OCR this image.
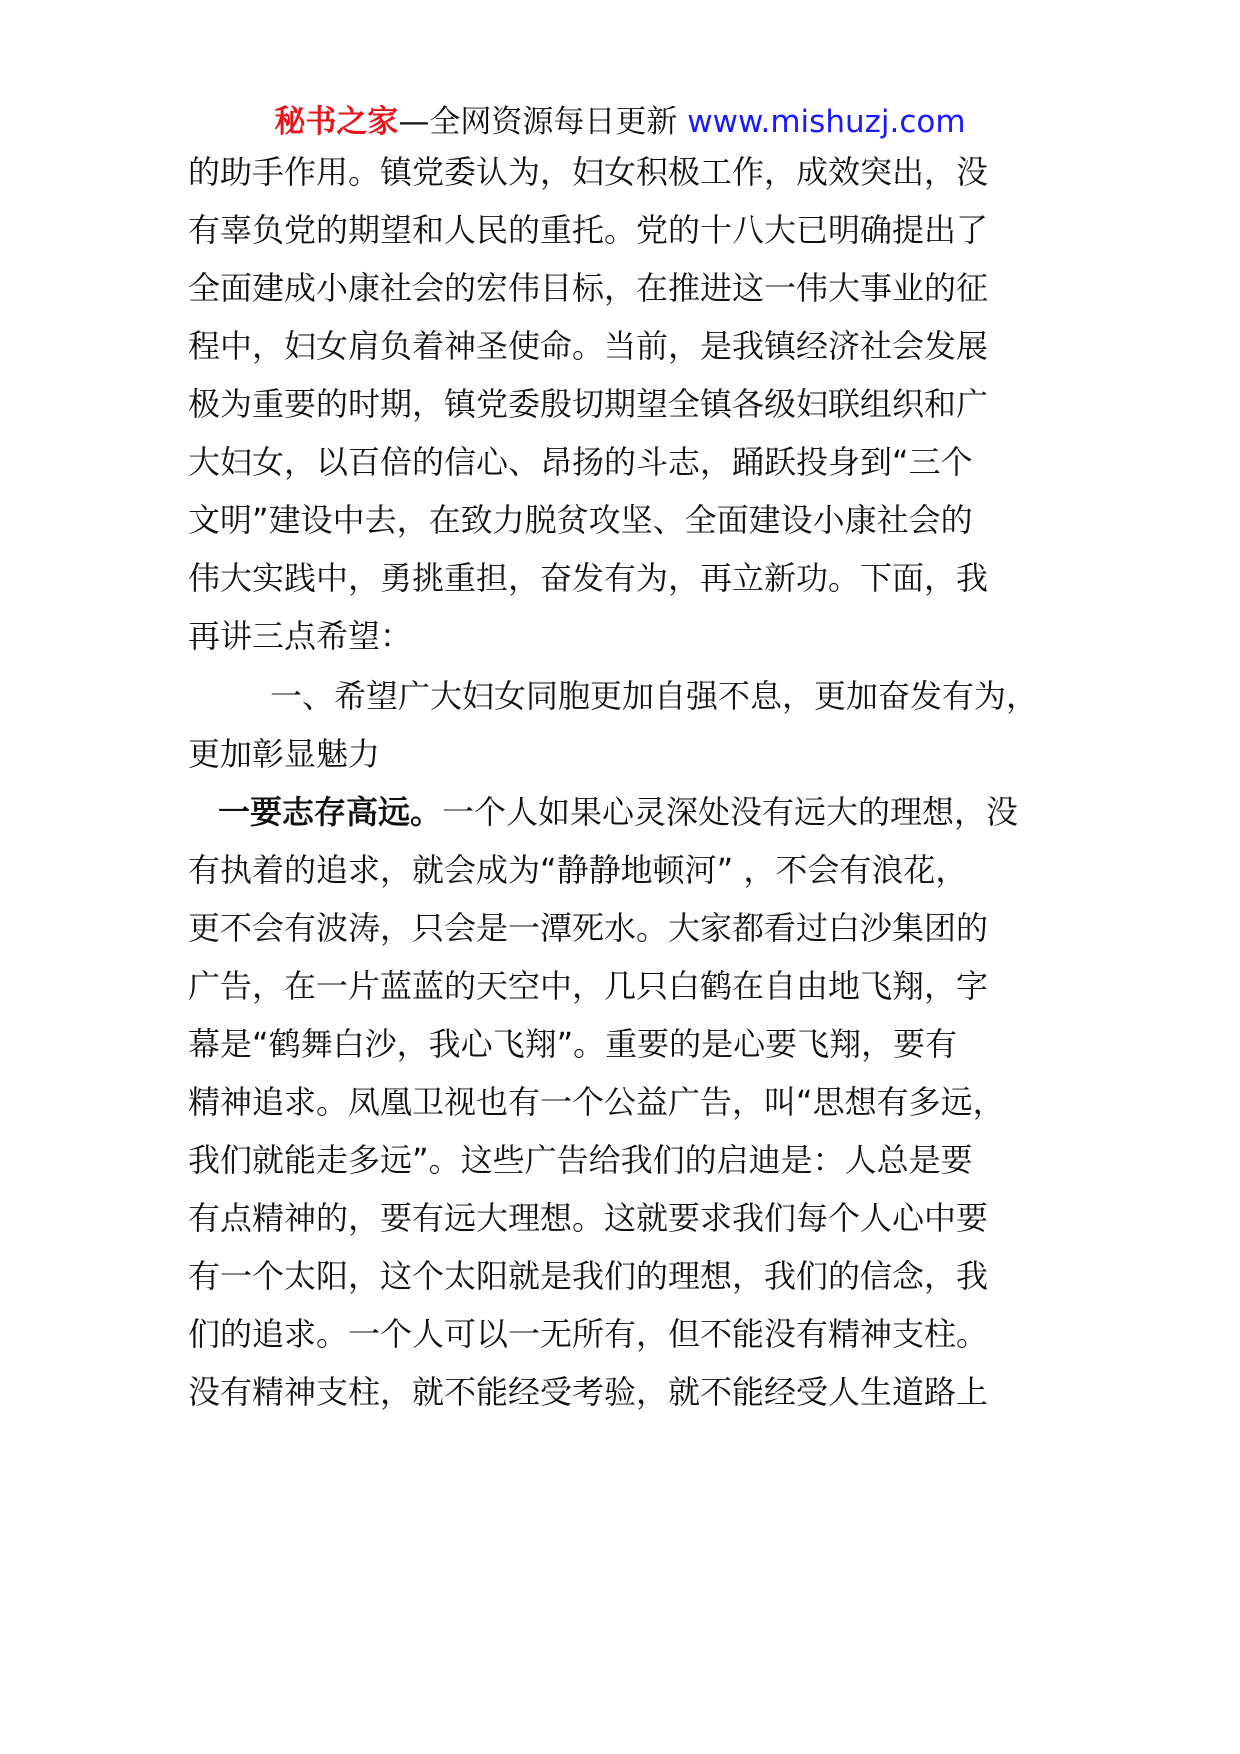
秘书之家—全网资源每日更新 www.mishuzj.com
的助手作用。镇党委认为，妇女积极工作，成效突出，没
有辜负党的期望和人民的重托。党的十八大已明确提出了
全面建成小康社会的宏伟目标，在推进这一伟大事业的征
程中，妇女肩负着神圣使命。当前，是我镇经济社会发展
极为重要的时期，镇党委殷切期望全镇各级妇联组织和广
大妇女，以百倍的信心、昂扬的斗志，踊跃投身到“三个
文明”建设中去，在致力脱贫攻坚、全面建设小康社会的
伟大实践中，勇挑重担，奋发有为，再立新功。下面，我
再讲三点希望：
一、希望广大妇女同胞更加自强不息，更加奋发有为，
更加彰显魅力
一要志存高远。一个人如果心灵深处没有远大的理想，没
有执着的追求，就会成为“静静地顿河” ，不会有浪花，
更不会有波涛，只会是一潭死水。大家都看过白沙集团的
广告，在一片蓝蓝的天空中，几只白鹤在自由地飞翔，字
幕是“鹤舞白沙，我心飞翔”。重要的是心要飞翔，要有
精神追求。凤凰卫视也有一个公益广告，叫“思想有多远，
我们就能走多远”。这些广告给我们的启迪是：人总是要
有点精神的，要有远大理想。这就要求我们每个人心中要
有一个太阳，这个太阳就是我们的理想，我们的信念，我
们的追求。一个人可以一无所有，但不能没有精神支柱。
没有精神支柱，就不能经受考验，就不能经受人生道路上
